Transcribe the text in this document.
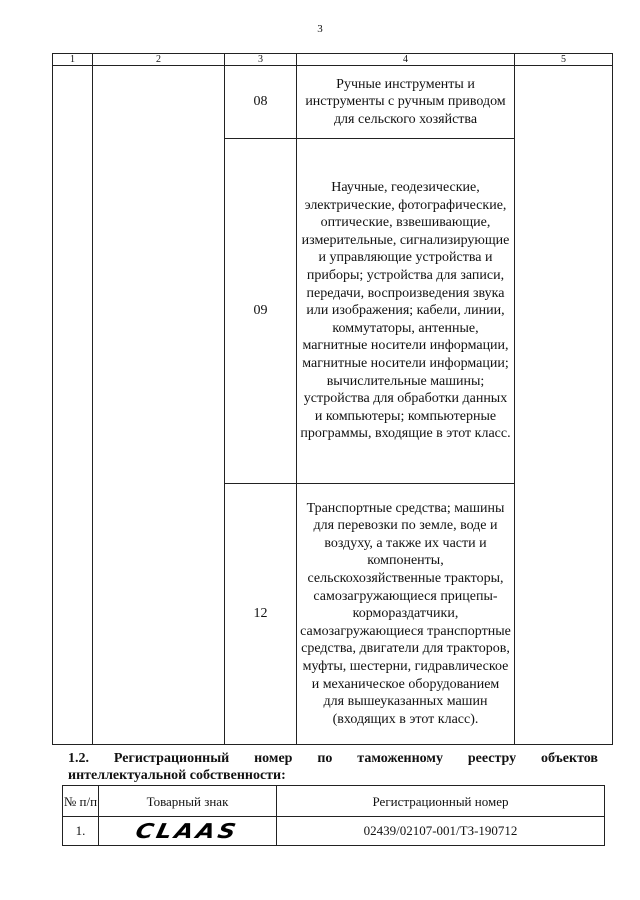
3
1	2	3	4	5
		08	Ручные инструменты и инструменты с ручным приводом для сельского хозяйства	

		09	Научные, геодезические, электрические, фотографические, оптические, взвешивающие, измерительные, сигнализирующие и управляющие устройства и приборы; устройства для записи, передачи, воспроизведения звука или изображения; кабели, линии, коммутаторы, антенные, магнитные носители информации, магнитные носители информации; вычислительные машины; устройства для обработки данных и компьютеры; компьютерные программы, входящие в этот класс.	

		12	Транспортные средства; машины для перевозки по земле, воде и воздуху, а также их части и компоненты, сельскохозяйственные тракторы, самозагружающиеся прицепы-кормораздатчики, самозагружающиеся транспортные средства, двигатели для тракторов, муфты, шестерни, гидравлическое и механическое оборудованием для вышеуказанных машин (входящих в этот класс).	
1.2. Регистрационный номер по таможенному реестру объектов
интеллектуальной собственности:
№ п/п	Товарный знак	Регистрационный номер
1.	CLAAS	02439/02107-001/ТЗ-190712
